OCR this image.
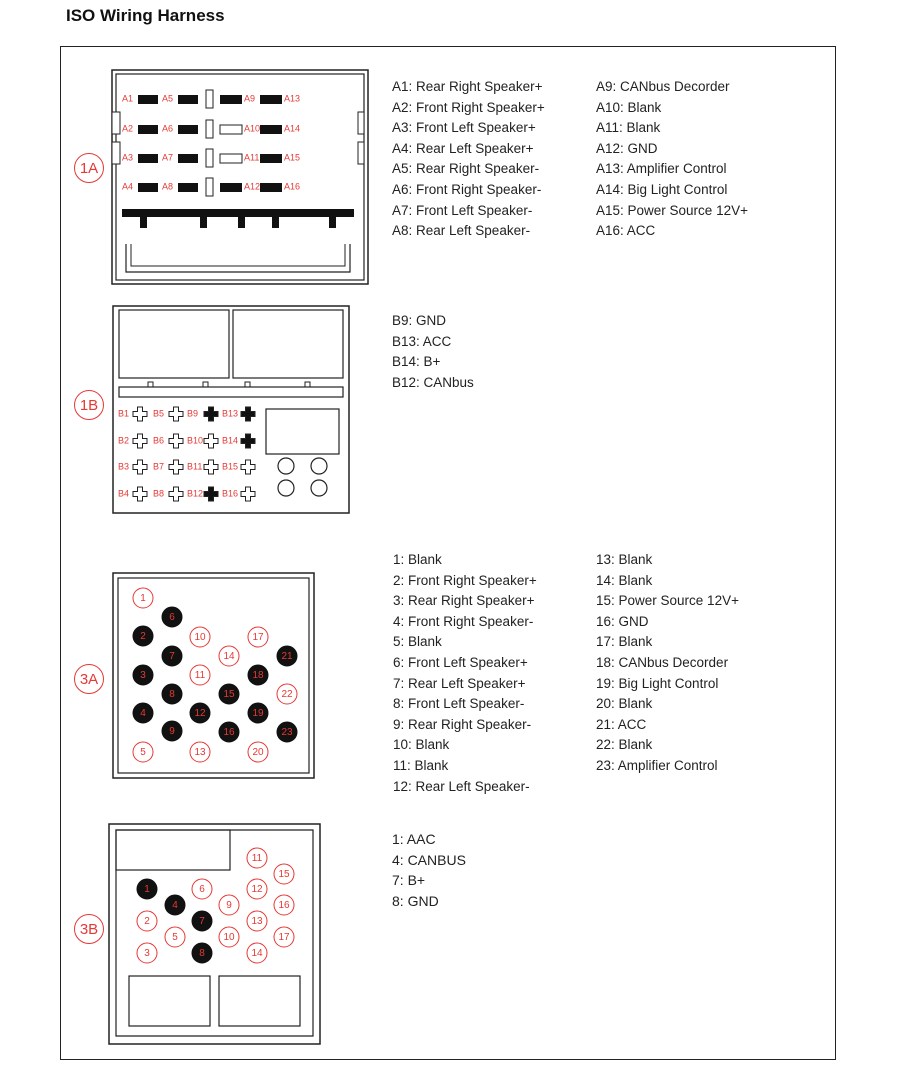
ISO Wiring Harness
1A
A1	A5	A9	A13
A2	A6	A10	A14
A3	A7	A11	A15
A4	A8	A12	A16
A1: Rear Right Speaker+
A2: Front Right Speaker+
A3: Front Left Speaker+
A4: Rear Left Speaker+
A5: Rear Right Speaker-
A6: Front Right Speaker-
A7: Front Left Speaker-
A8: Rear Left Speaker-
A9: CANbus Decorder
A10: Blank
A11: Blank
A12: GND
A13: Amplifier Control
A14: Big Light Control
A15: Power Source 12V+
A16: ACC
1B	B1	B5	B9	B13
B2	B6	B10 B14
B3	B7	B11 B15
B4	B8	B12 B16
B9: GND
B13: ACC
B14: B+
B12: CANbus
3A
1
2
3
4
5
6
7
8
9
10
11
12
13
14
15
16
17
18
19
20
21
22
23
1: Blank
2: Front Right Speaker+
3: Rear Right Speaker+
4: Front Right Speaker-
5: Blank
6: Front Left Speaker+
7: Rear Left Speaker+
8: Front Left Speaker-
9: Rear Right Speaker-
10: Blank
11: Blank
12: Rear Left Speaker-
13: Blank
14: Blank
15: Power Source 12V+
16: GND
17: Blank
18: CANbus Decorder
19: Big Light Control
20: Blank
21: ACC
22: Blank
23: Amplifier Control
3B
1
2
3
4
5
6
7
8
9
10
11
12
13
14
15
16
17
1: AAC
4: CANBUS
7: B+
8: GND
